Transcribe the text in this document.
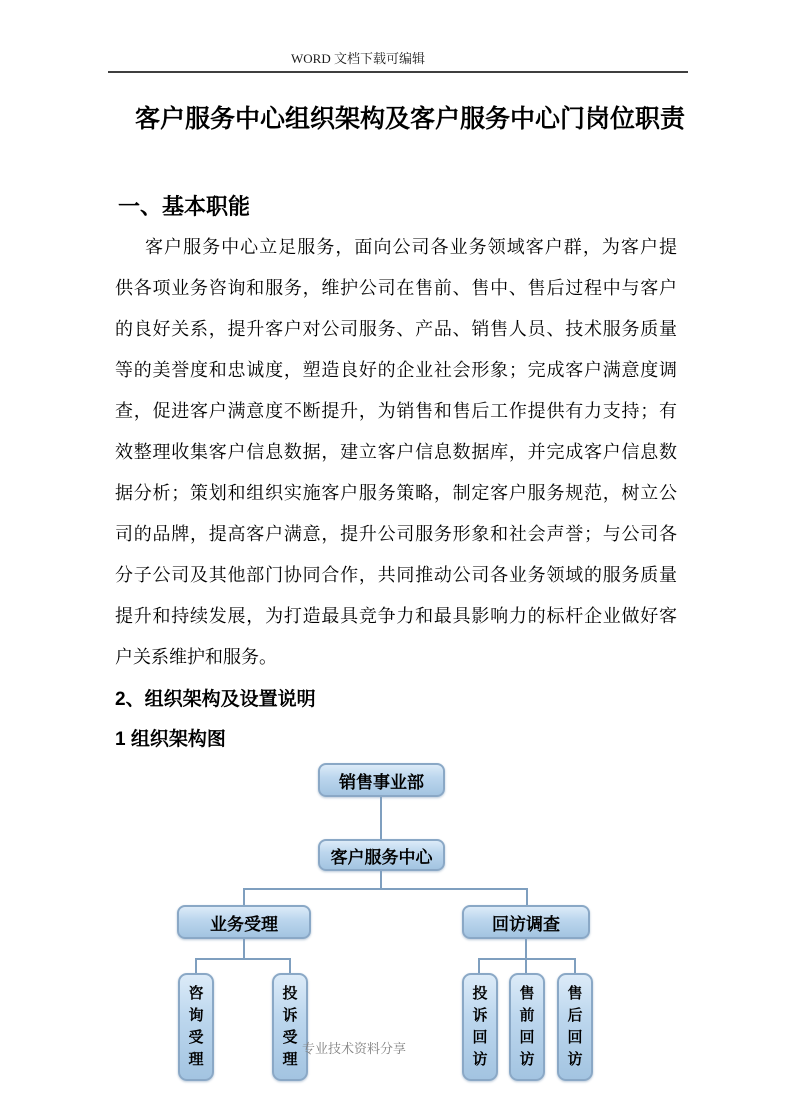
WORD 文档下载可编辑
客户服务中心组织架构及客户服务中心门岗位职责
一、基本职能
客户服务中心立足服务，面向公司各业务领域客户群，为客户提
供各项业务咨询和服务，维护公司在售前、售中、售后过程中与客户
的良好关系，提升客户对公司服务、产品、销售人员、技术服务质量
等的美誉度和忠诚度，塑造良好的企业社会形象；完成客户满意度调
查，促进客户满意度不断提升，为销售和售后工作提供有力支持；有
效整理收集客户信息数据，建立客户信息数据库，并完成客户信息数
据分析；策划和组织实施客户服务策略，制定客户服务规范，树立公
司的品牌，提高客户满意，提升公司服务形象和社会声誉；与公司各
分子公司及其他部门协同合作，共同推动公司各业务领域的服务质量
提升和持续发展，为打造最具竞争力和最具影响力的标杆企业做好客
户关系维护和服务。
2、组织架构及设置说明
1 组织架构图
销售事业部
客户服务中心
业务受理	回访调查
咨询受理
投诉受理
投诉回访
售前回访
售后回访
专业技术资料分享
